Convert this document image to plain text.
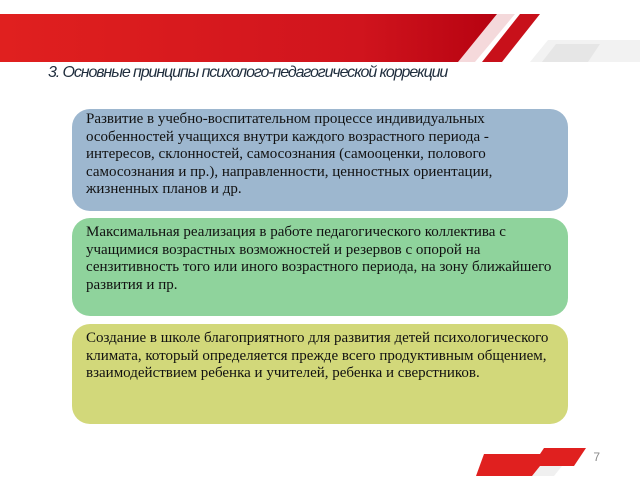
3. Основные принципы психолого-педагогической коррекции
Развитие в учебно-воспитательном процессе индивидуальных особенностей учащихся внутри каждого возрастного периода - интересов, склонностей, самосознания (самооценки, полового самосознания и пр.), направленности, ценностных ориентации, жизненных планов и др.
Максимальная реализация в работе педагогического коллектива с учащимися возрастных возможностей и резервов с опорой на сензитивность того или иного возрастного периода, на зону ближайшего развития и пр.
Создание в школе благоприятного для развития детей психологического климата, который определяется прежде всего продуктивным общением, взаимодействием ребенка и учителей, ребенка и сверстников.
7
